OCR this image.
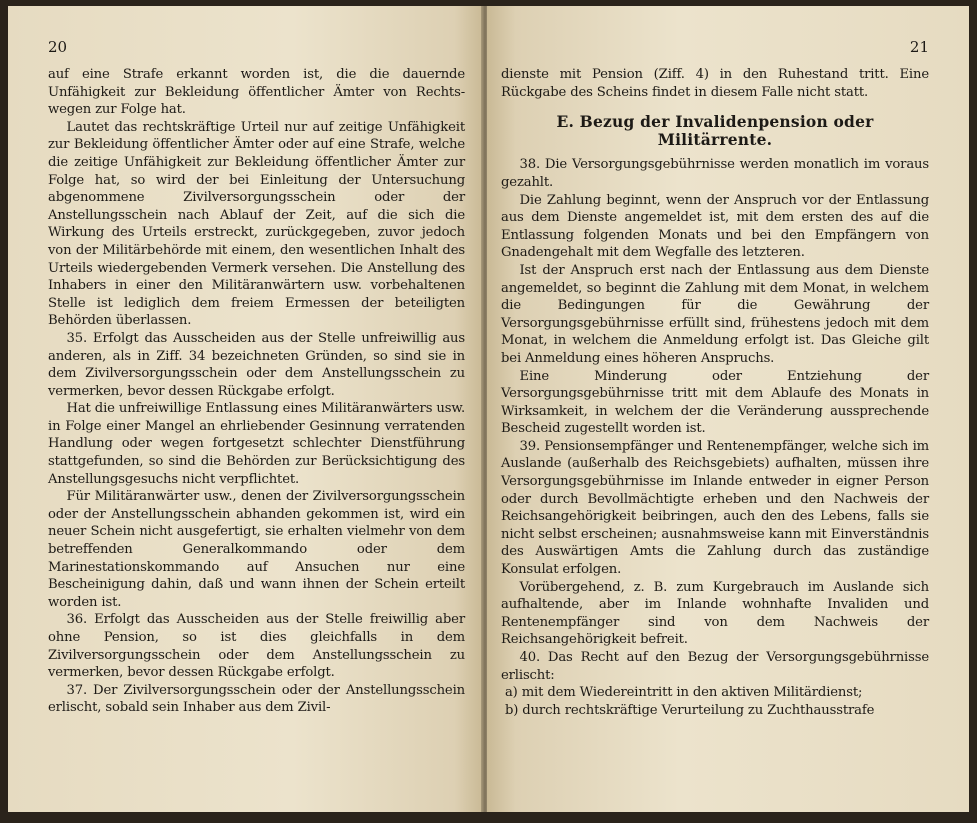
20

auf eine Strafe erkannt worden ist, die die dauernde Unfähigkeit zur Bekleidung öffentlicher Ämter von Rechts-wegen zur Folge hat.

Lautet das rechtskräftige Urteil nur auf zeitige Unfähigkeit zur Bekleidung öffentlicher Ämter oder auf eine Strafe, welche die zeitige Unfähigkeit zur Bekleidung öffentlicher Ämter zur Folge hat, so wird der bei Einleitung der Untersuchung abgenommene Zivilversorgungsschein oder der Anstellungsschein nach Ablauf der Zeit, auf die sich die Wirkung des Urteils erstreckt, zurückgegeben, zuvor jedoch von der Militärbehörde mit einem, den wesentlichen Inhalt des Urteils wiedergebenden Vermerk versehen. Die Anstellung des Inhabers in einer den Militäranwärtern usw. vorbehaltenen Stelle ist lediglich dem freiem Ermessen der beteiligten Behörden überlassen.

35. Erfolgt das Ausscheiden aus der Stelle unfreiwillig aus anderen, als in Ziff. 34 bezeichneten Gründen, so sind sie in dem Zivilversorgungsschein oder dem Anstellungsschein zu vermerken, bevor dessen Rückgabe erfolgt.

Hat die unfreiwillige Entlassung eines Militäranwärters usw. in Folge einer Mangel an ehrliebender Gesinnung verratenden Handlung oder wegen fortgesetzt schlechter Dienstführung stattgefunden, so sind die Behörden zur Berücksichtigung des Anstellungsgesuchs nicht verpflichtet.

Für Militäranwärter usw., denen der Zivilversorgungsschein oder der Anstellungsschein abhanden gekommen ist, wird ein neuer Schein nicht ausgefertigt, sie erhalten vielmehr von dem betreffenden Generalkommando oder dem Marinestationskommando auf Ansuchen nur eine Bescheinigung dahin, daß und wann ihnen der Schein erteilt worden ist.

36. Erfolgt das Ausscheiden aus der Stelle freiwillig aber ohne Pension, so ist dies gleichfalls in dem Zivilversorgungsschein oder dem Anstellungsschein zu vermerken, bevor dessen Rückgabe erfolgt.

37. Der Zivilversorgungsschein oder der Anstellungsschein erlischt, sobald sein Inhaber aus dem Zivil-

21

dienste mit Pension (Ziff. 4) in den Ruhestand tritt. Eine Rückgabe des Scheins findet in diesem Falle nicht statt.

E. Bezug der Invalidenpension oder Militärrente.

38. Die Versorgungsgebührnisse werden monatlich im voraus gezahlt.

Die Zahlung beginnt, wenn der Anspruch vor der Entlassung aus dem Dienste angemeldet ist, mit dem ersten des auf die Entlassung folgenden Monats und bei den Empfängern von Gnadengehalt mit dem Wegfalle des letzteren.

Ist der Anspruch erst nach der Entlassung aus dem Dienste angemeldet, so beginnt die Zahlung mit dem Monat, in welchem die Bedingungen für die Gewährung der Versorgungsgebührnisse erfüllt sind, frühestens jedoch mit dem Monat, in welchem die Anmeldung erfolgt ist. Das Gleiche gilt bei Anmeldung eines höheren Anspruchs.

Eine Minderung oder Entziehung der Versorgungsgebührnisse tritt mit dem Ablaufe des Monats in Wirksamkeit, in welchem der die Veränderung aussprechende Bescheid zugestellt worden ist.

39. Pensionsempfänger und Rentenempfänger, welche sich im Auslande (außerhalb des Reichsgebiets) aufhalten, müssen ihre Versorgungsgebührnisse im Inlande entweder in eigner Person oder durch Bevollmächtigte erheben und den Nachweis der Reichsangehörigkeit beibringen, auch den des Lebens, falls sie nicht selbst erscheinen; ausnahmsweise kann mit Einverständnis des Auswärtigen Amts die Zahlung durch das zuständige Konsulat erfolgen.

Vorübergehend, z. B. zum Kurgebrauch im Auslande sich aufhaltende, aber im Inlande wohnhafte Invaliden und Rentenempfänger sind von dem Nachweis der Reichsangehörigkeit befreit.

40. Das Recht auf den Bezug der Versorgungsgebührnisse erlischt:

a) mit dem Wiedereintritt in den aktiven Militärdienst;

b) durch rechtskräftige Verurteilung zu Zuchthausstrafe
